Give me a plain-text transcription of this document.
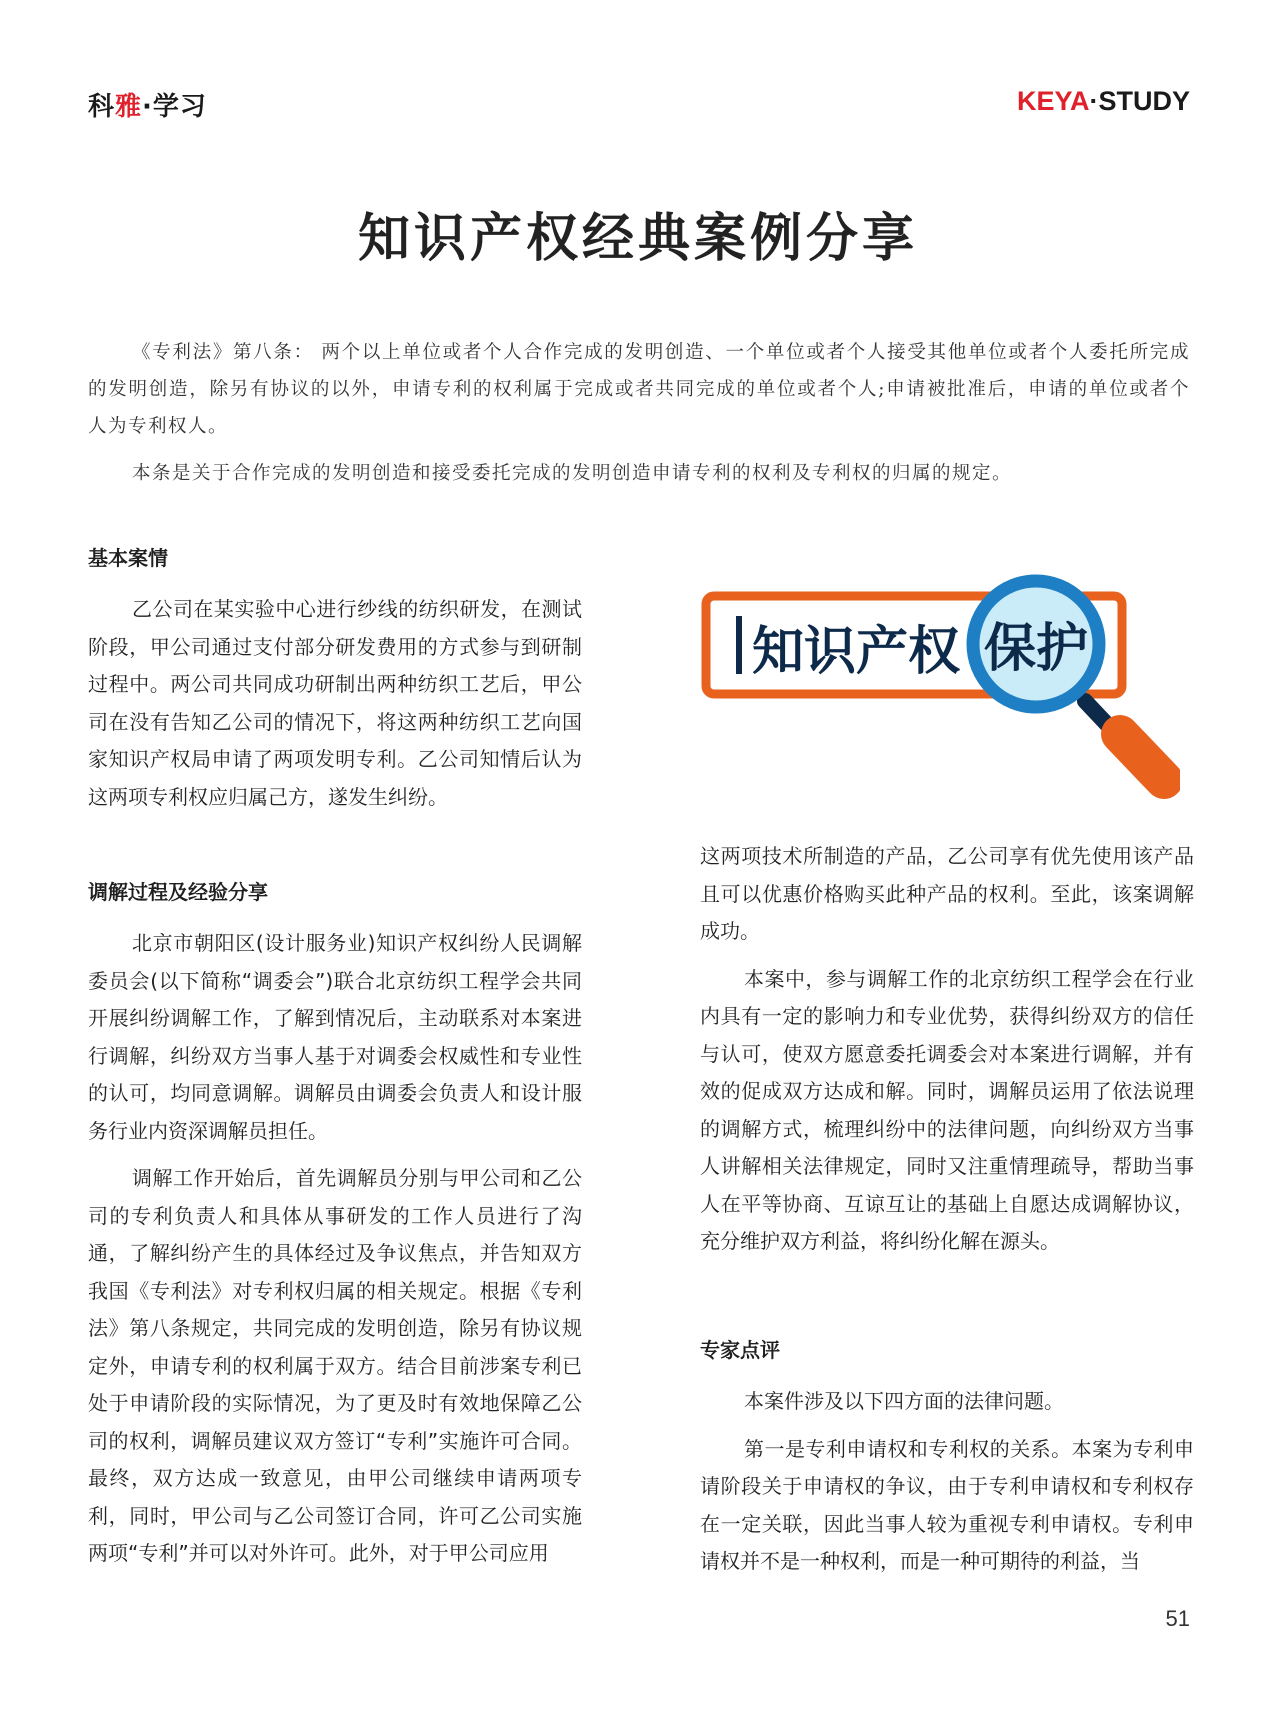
科雅·学习	KEYA·STUDY
知识产权经典案例分享

《专利法》第八条： 两个以上单位或者个人合作完成的发明创造、一个单位或者个人接受其他单位或者个人委托所完成的发明创造，除另有协议的以外，申请专利的权利属于完成或者共同完成的单位或者个人;申请被批准后，申请的单位或者个人为专利权人。

本条是关于合作完成的发明创造和接受委托完成的发明创造申请专利的权利及专利权的归属的规定。

基本案情

乙公司在某实验中心进行纱线的纺织研发，在测试阶段，甲公司通过支付部分研发费用的方式参与到研制过程中。两公司共同成功研制出两种纺织工艺后，甲公司在没有告知乙公司的情况下，将这两种纺织工艺向国家知识产权局申请了两项发明专利。乙公司知情后认为这两项专利权应归属己方，遂发生纠纷。

调解过程及经验分享

北京市朝阳区(设计服务业)知识产权纠纷人民调解委员会(以下简称“调委会”)联合北京纺织工程学会共同开展纠纷调解工作，了解到情况后，主动联系对本案进行调解，纠纷双方当事人基于对调委会权威性和专业性的认可，均同意调解。调解员由调委会负责人和设计服务行业内资深调解员担任。

调解工作开始后，首先调解员分别与甲公司和乙公司的专利负责人和具体从事研发的工作人员进行了沟通，了解纠纷产生的具体经过及争议焦点，并告知双方我国《专利法》对专利权归属的相关规定。根据《专利法》第八条规定，共同完成的发明创造，除另有协议规定外，申请专利的权利属于双方。结合目前涉案专利已处于申请阶段的实际情况，为了更及时有效地保障乙公司的权利，调解员建议双方签订“专利”实施许可合同。最终，双方达成一致意见，由甲公司继续申请两项专利，同时，甲公司与乙公司签订合同，许可乙公司实施两项“专利”并可以对外许可。此外，对于甲公司应用

知识产权 保护

这两项技术所制造的产品，乙公司享有优先使用该产品且可以优惠价格购买此种产品的权利。至此，该案调解成功。

本案中，参与调解工作的北京纺织工程学会在行业内具有一定的影响力和专业优势，获得纠纷双方的信任与认可，使双方愿意委托调委会对本案进行调解，并有效的促成双方达成和解。同时，调解员运用了依法说理的调解方式，梳理纠纷中的法律问题，向纠纷双方当事人讲解相关法律规定，同时又注重情理疏导，帮助当事人在平等协商、互谅互让的基础上自愿达成调解协议，充分维护双方利益，将纠纷化解在源头。

专家点评

本案件涉及以下四方面的法律问题。

第一是专利申请权和专利权的关系。本案为专利申请阶段关于申请权的争议，由于专利申请权和专利权存在一定关联，因此当事人较为重视专利申请权。专利申请权并不是一种权利，而是一种可期待的利益，当

51
